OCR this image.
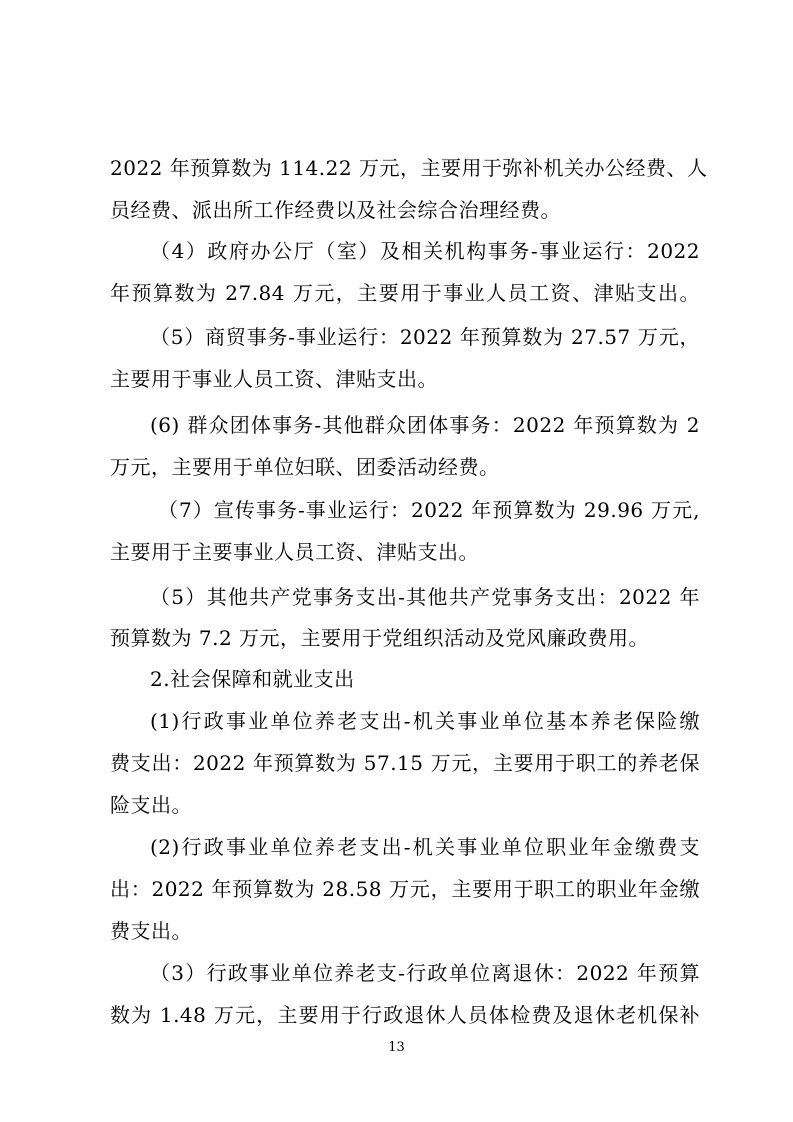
2022 年预算数为 114.22 万元，主要用于弥补机关办公经费、人
员经费、派出所工作经费以及社会综合治理经费。
（4）政府办公厅（室）及相关机构事务-事业运行：2022
年预算数为 27.84 万元，主要用于事业人员工资、津贴支出。
（5）商贸事务-事业运行：2022 年预算数为 27.57 万元，
主要用于事业人员工资、津贴支出。
(6) 群众团体事务-其他群众团体事务：2022 年预算数为 2
万元，主要用于单位妇联、团委活动经费。
（7）宣传事务-事业运行：2022 年预算数为 29.96 万元,
主要用于主要事业人员工资、津贴支出。
（5）其他共产党事务支出-其他共产党事务支出：2022 年
预算数为 7.2 万元，主要用于党组织活动及党风廉政费用。
2.社会保障和就业支出
(1)行政事业单位养老支出-机关事业单位基本养老保险缴
费支出：2022 年预算数为 57.15 万元，主要用于职工的养老保
险支出。
(2)行政事业单位养老支出-机关事业单位职业年金缴费支
出：2022 年预算数为 28.58 万元，主要用于职工的职业年金缴
费支出。
（3）行政事业单位养老支-行政单位离退休：2022 年预算
数为 1.48 万元，主要用于行政退休人员体检费及退休老机保补
13
